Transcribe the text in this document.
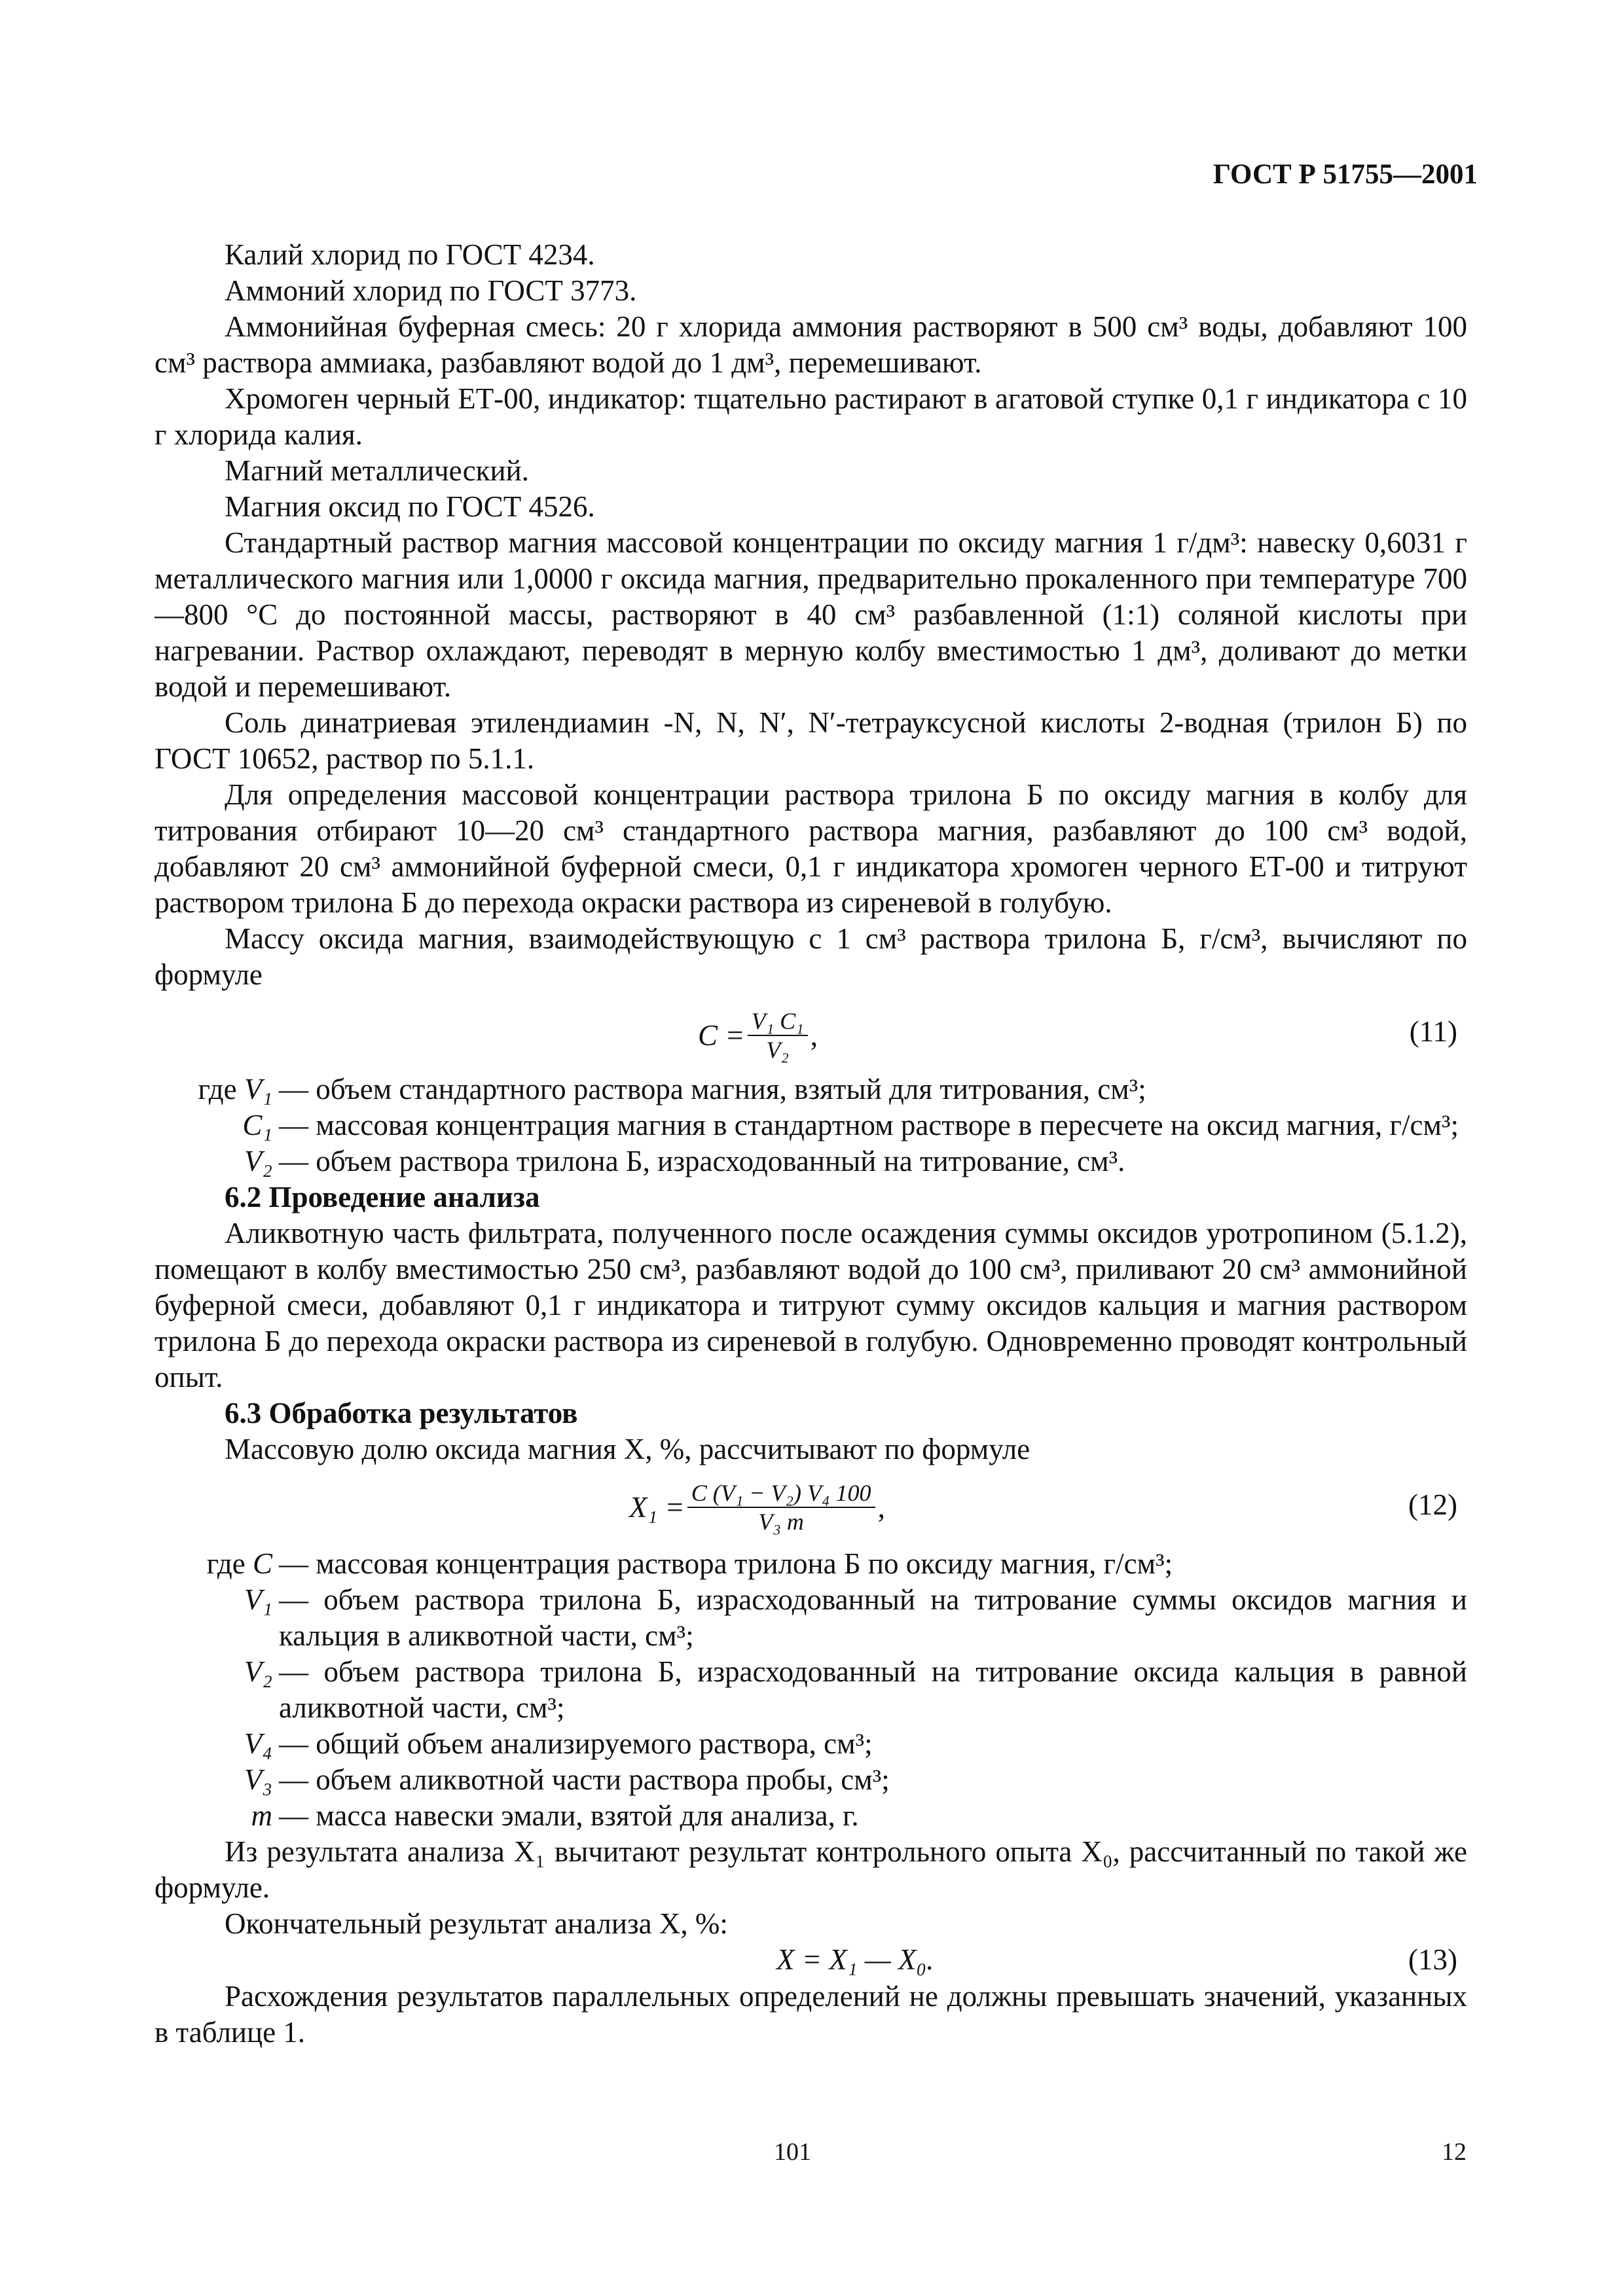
ГОСТ Р 51755—2001

Калий хлорид по ГОСТ 4234.

Аммоний хлорид по ГОСТ 3773.

Аммонийная буферная смесь: 20 г хлорида аммония растворяют в 500 см³ воды, добавляют 100 см³ раствора аммиака, разбавляют водой до 1 дм³, перемешивают.

Хромоген черный ЕТ-00, индикатор: тщательно растирают в агатовой ступке 0,1 г индикатора с 10 г хлорида калия.

Магний металлический.

Магния оксид по ГОСТ 4526.

Стандартный раствор магния массовой концентрации по оксиду магния 1 г/дм³: навеску 0,6031 г металлического магния или 1,0000 г оксида магния, предварительно прокаленного при температуре 700—800 °С до постоянной массы, растворяют в 40 см³ разбавленной (1:1) соляной кислоты при нагревании. Раствор охлаждают, переводят в мерную колбу вместимостью 1 дм³, доливают до метки водой и перемешивают.

Соль динатриевая этилендиамин -N, N, N′, N′-тетрауксусной кислоты 2-водная (трилон Б) по ГОСТ 10652, раствор по 5.1.1.

Для определения массовой концентрации раствора трилона Б по оксиду магния в колбу для титрования отбирают 10—20 см³ стандартного раствора магния, разбавляют до 100 см³ водой, добавляют 20 см³ аммонийной буферной смеси, 0,1 г индикатора хромоген черного ЕТ-00 и титруют раствором трилона Б до перехода окраски раствора из сиреневой в голубую.

Массу оксида магния, взаимодействующую с 1 см³ раствора трилона Б, г/см³, вычисляют по формуле

$C = \frac{\text{V₁ C₁}}{\text{V₂}}$ ,	(11)
где V₁ — объем стандартного раствора магния, взятый для титрования, см³;
C₁ — массовая концентрация магния в стандартном растворе в пересчете на оксид магния, г/см³;
V₂ — объем раствора трилона Б, израсходованный на титрование, см³.

6.2 Проведение анализа

Аликвотную часть фильтрата, полученного после осаждения суммы оксидов уротропином (5.1.2), помещают в колбу вместимостью 250 см³, разбавляют водой до 100 см³, приливают 20 см³ аммонийной буферной смеси, добавляют 0,1 г индикатора и титруют сумму оксидов кальция и магния раствором трилона Б до перехода окраски раствора из сиреневой в голубую. Одновременно проводят контрольный опыт.

6.3 Обработка результатов

Массовую долю оксида магния X, %, рассчитывают по формуле

$X_1 = \frac{\text{C (V₁ − V₂) V₄ 100}}{\text{V₃ m}}$ ,	(12)
где C — массовая концентрация раствора трилона Б по оксиду магния, г/см³;
V₁ — объем раствора трилона Б, израсходованный на титрование суммы оксидов магния и кальция в аликвотной части, см³;
V₂ — объем раствора трилона Б, израсходованный на титрование оксида кальция в равной аликвотной части, см³;
V₄ — общий объем анализируемого раствора, см³;
V₃ — объем аликвотной части раствора пробы, см³;
m — масса навески эмали, взятой для анализа, г.

Из результата анализа X₁ вычитают результат контрольного опыта X₀, рассчитанный по такой же формуле.

Окончательный результат анализа X, %:

X = X₁ — X₀.	(13)

Расхождения результатов параллельных определений не должны превышать значений, указанных в таблице 1.

101	12
